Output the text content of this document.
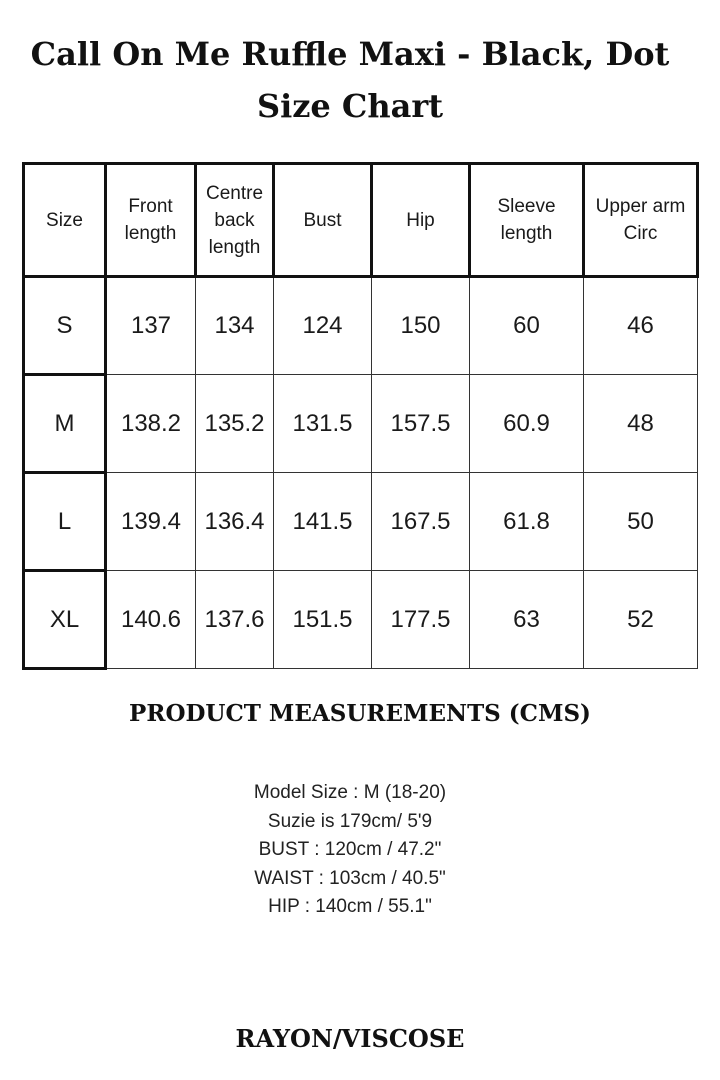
Call On Me Ruffle Maxi - Black, Dot
Size Chart
Size	Front length	Centre back length	Bust	Hip	Sleeve length	Upper arm Circ
S	137	134	124	150	60	46
M	138.2	135.2	131.5	157.5	60.9	48
L	139.4	136.4	141.5	167.5	61.8	50
XL	140.6	137.6	151.5	177.5	63	52
PRODUCT MEASUREMENTS (CMS)
Model Size : M (18-20)
Suzie is 179cm/ 5'9
BUST : 120cm / 47.2"
WAIST : 103cm / 40.5"
HIP : 140cm / 55.1"
RAYON/VISCOSE
